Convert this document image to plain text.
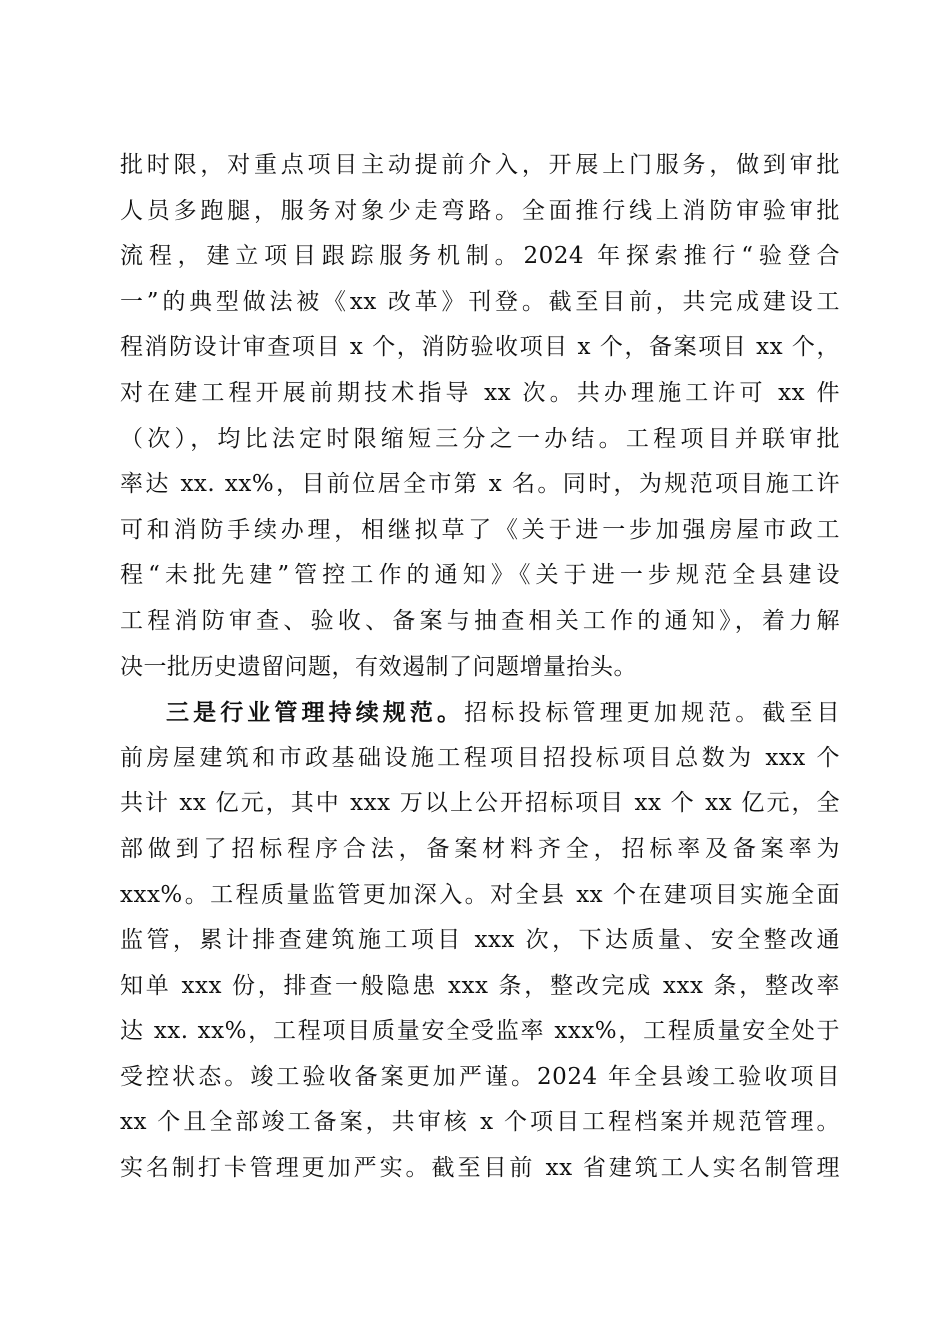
批时限，对重点项目主动提前介入，开展上门服务，做到审批
人员多跑腿，服务对象少走弯路。全面推行线上消防审验审批
流程，建立项目跟踪服务机制。2024 年探索推行“验登合
一”的典型做法被《xx 改革》刊登。截至目前，共完成建设工
程消防设计审查项目 x 个，消防验收项目 x 个，备案项目 xx 个，
对在建工程开展前期技术指导 xx 次。共办理施工许可 xx 件
（次），均比法定时限缩短三分之一办结。工程项目并联审批
率达 xx. xx%，目前位居全市第 x 名。同时，为规范项目施工许
可和消防手续办理，相继拟草了《关于进一步加强房屋市政工
程“未批先建”管控工作的通知》《关于进一步规范全县建设
工程消防审查、验收、备案与抽查相关工作的通知》，着力解
决一批历史遗留问题，有效遏制了问题增量抬头。
三是行业管理持续规范。招标投标管理更加规范。截至目
前房屋建筑和市政基础设施工程项目招投标项目总数为 xxx 个
共计 xx 亿元，其中 xxx 万以上公开招标项目 xx 个 xx 亿元，全
部做到了招标程序合法，备案材料齐全，招标率及备案率为
xxx%。工程质量监管更加深入。对全县 xx 个在建项目实施全面
监管，累计排查建筑施工项目 xxx 次，下达质量、安全整改通
知单 xxx 份，排查一般隐患 xxx 条，整改完成 xxx 条，整改率
达 xx. xx%，工程项目质量安全受监率 xxx%，工程质量安全处于
受控状态。竣工验收备案更加严谨。2024 年全县竣工验收项目
xx 个且全部竣工备案，共审核 x 个项目工程档案并规范管理。
实名制打卡管理更加严实。截至目前 xx 省建筑工人实名制管理
